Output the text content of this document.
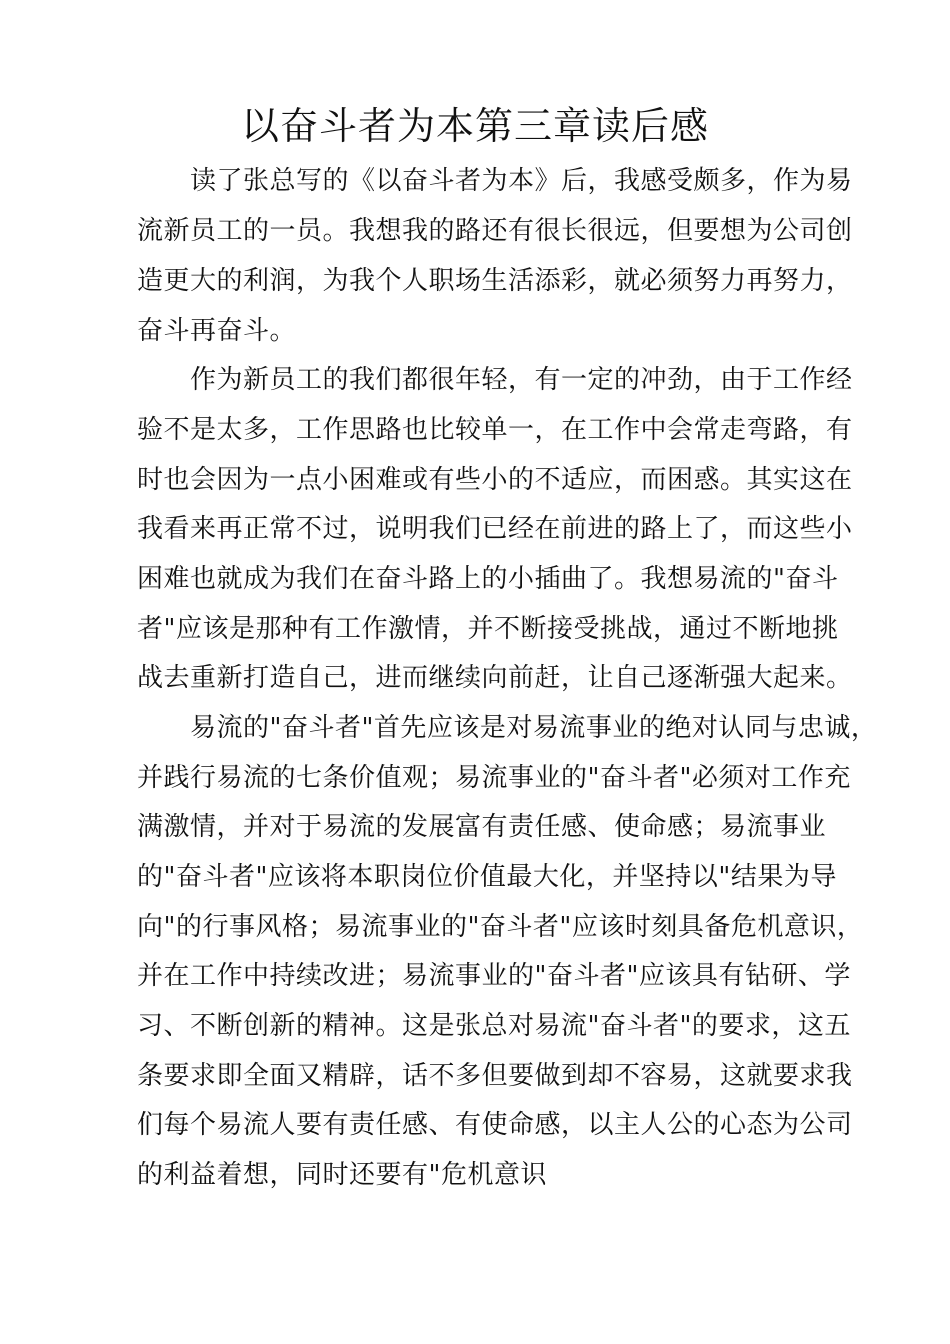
以奋斗者为本第三章读后感
读了张总写的《以奋斗者为本》后，我感受颇多，作为易
流新员工的一员。我想我的路还有很长很远，但要想为公司创
造更大的利润，为我个人职场生活添彩，就必须努力再努力，
奋斗再奋斗。
作为新员工的我们都很年轻，有一定的冲劲，由于工作经
验不是太多，工作思路也比较单一，在工作中会常走弯路，有
时也会因为一点小困难或有些小的不适应，而困惑。其实这在
我看来再正常不过，说明我们已经在前进的路上了，而这些小
困难也就成为我们在奋斗路上的小插曲了。我想易流的"奋斗
者"应该是那种有工作激情，并不断接受挑战，通过不断地挑
战去重新打造自己，进而继续向前赶，让自己逐渐强大起来。
易流的"奋斗者"首先应该是对易流事业的绝对认同与忠诚，
并践行易流的七条价值观；易流事业的"奋斗者"必须对工作充
满激情，并对于易流的发展富有责任感、使命感；易流事业
的"奋斗者"应该将本职岗位价值最大化，并坚持以"结果为导
向"的行事风格；易流事业的"奋斗者"应该时刻具备危机意识，
并在工作中持续改进；易流事业的"奋斗者"应该具有钻研、学
习、不断创新的精神。这是张总对易流"奋斗者"的要求，这五
条要求即全面又精辟，话不多但要做到却不容易，这就要求我
们每个易流人要有责任感、有使命感，以主人公的心态为公司
的利益着想，同时还要有"危机意识
